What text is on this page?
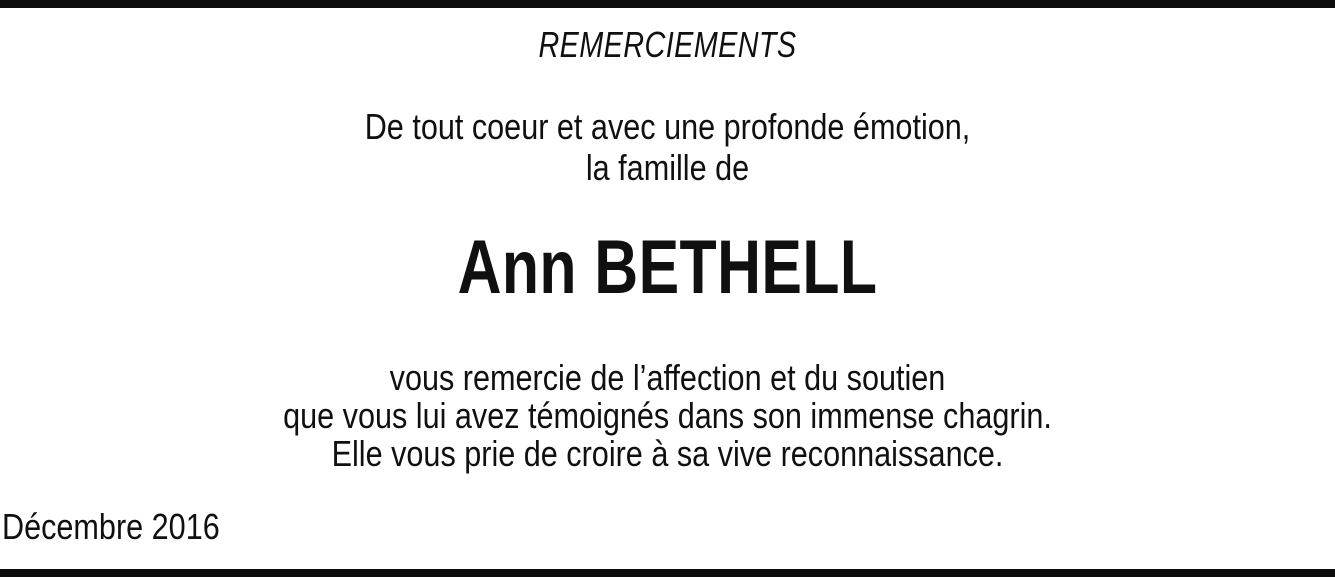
REMERCIEMENTS
De tout coeur et avec une profonde émotion,
la famille de
Ann BETHELL
vous remercie de l’affection et du soutien
que vous lui avez témoignés dans son immense chagrin.
Elle vous prie de croire à sa vive reconnaissance.
Décembre 2016
